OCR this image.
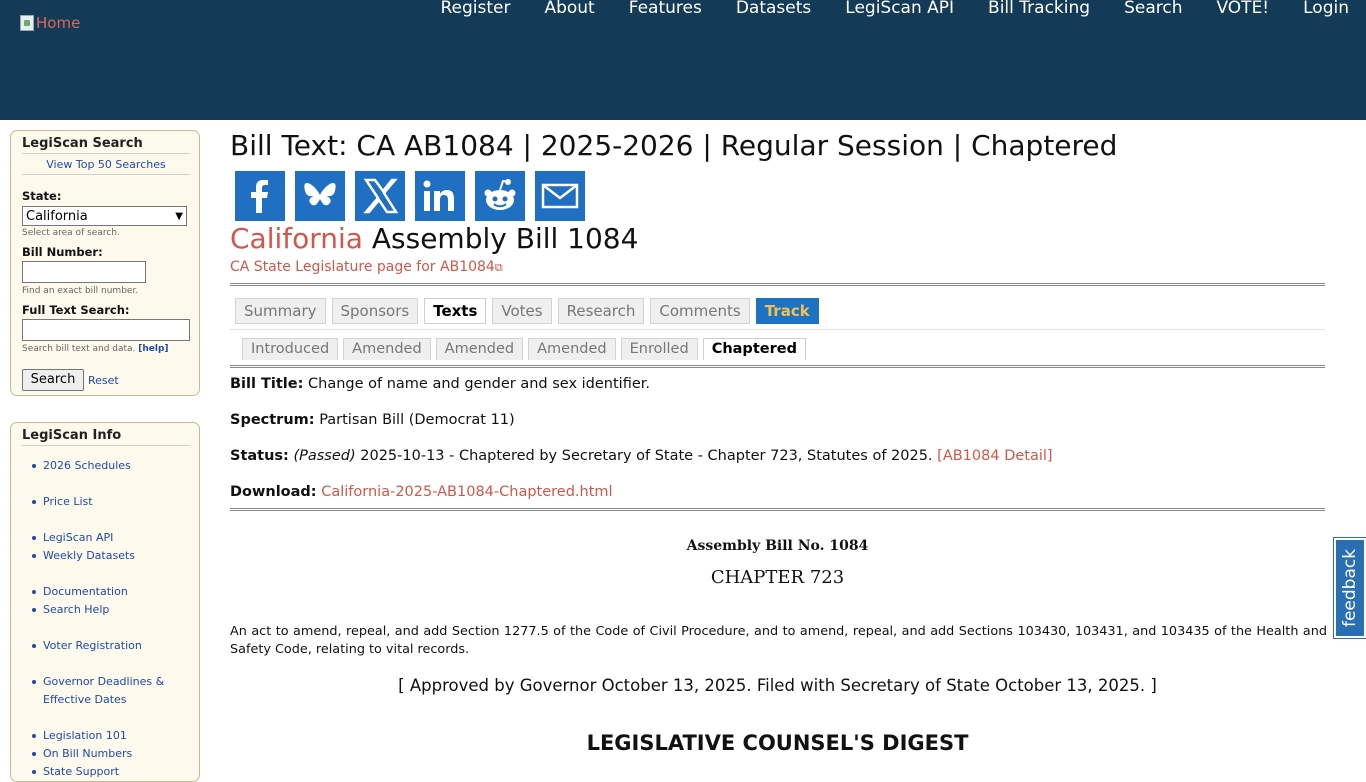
Home
Register About Features Datasets LegiScan API Bill Tracking Search VOTE! Login
LegiScan Search
View Top 50 Searches
State:
California	▼
Select area of search.
Bill Number:
Find an exact bill number.
Full Text Search:
Search bill text and data. [help]
Search	Reset
LegiScan Info
2026 Schedules
Price List
LegiScan API
Weekly Datasets
Documentation
Search Help
Voter Registration
Governor Deadlines &
Effective Dates
Legislation 101
On Bill Numbers
State Support
Bill Text: CA AB1084 | 2025-2026 | Regular Session | Chaptered
California Assembly Bill 1084
CA State Legislature page for AB1084⧉
Summary	Sponsors	Texts	Votes	Research	Comments	Track
Introduced	Amended	Amended	Amended	Enrolled	Chaptered
Bill Title: Change of name and gender and sex identifier.
Spectrum: Partisan Bill (Democrat 11)
Status: (Passed) 2025-10-13 - Chaptered by Secretary of State - Chapter 723, Statutes of 2025. [AB1084 Detail]
Download: California-2025-AB1084-Chaptered.html
Assembly Bill No. 1084
CHAPTER 723
An act to amend, repeal, and add Section 1277.5 of the Code of Civil Procedure, and to amend, repeal, and add Sections 103430, 103431, and 103435 of the Health and Safety Code, relating to vital records.
[ Approved by Governor October 13, 2025. Filed with Secretary of State October 13, 2025. ]
LEGISLATIVE COUNSEL'S DIGEST
feedback
